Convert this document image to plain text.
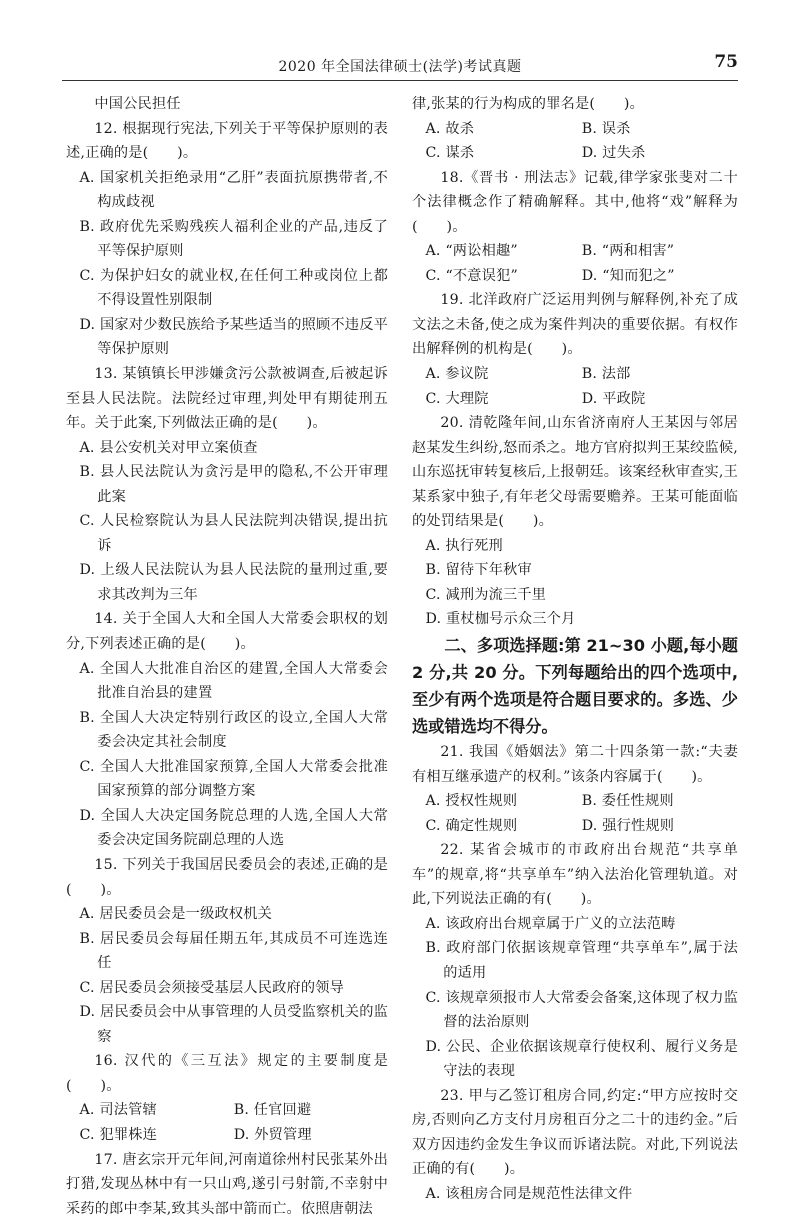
2020 年全国法律硕士(法学)考试真题	75

中国公民担任

12. 根据现行宪法,下列关于平等保护原则的表述,正确的是(　　)。

A. 国家机关拒绝录用“乙肝”表面抗原携带者,不构成歧视

B. 政府优先采购残疾人福利企业的产品,违反了平等保护原则

C. 为保护妇女的就业权,在任何工种或岗位上都不得设置性别限制

D. 国家对少数民族给予某些适当的照顾不违反平等保护原则

13. 某镇镇长甲涉嫌贪污公款被调查,后被起诉至县人民法院。法院经过审理,判处甲有期徒刑五年。关于此案,下列做法正确的是(　　)。

A. 县公安机关对甲立案侦查

B. 县人民法院认为贪污是甲的隐私,不公开审理此案

C. 人民检察院认为县人民法院判决错误,提出抗诉

D. 上级人民法院认为县人民法院的量刑过重,要求其改判为三年

14. 关于全国人大和全国人大常委会职权的划分,下列表述正确的是(　　)。

A. 全国人大批准自治区的建置,全国人大常委会批准自治县的建置

B. 全国人大决定特别行政区的设立,全国人大常委会决定其社会制度

C. 全国人大批准国家预算,全国人大常委会批准国家预算的部分调整方案

D. 全国人大决定国务院总理的人选,全国人大常委会决定国务院副总理的人选

15. 下列关于我国居民委员会的表述,正确的是(　　)。

A. 居民委员会是一级政权机关

B. 居民委员会每届任期五年,其成员不可连选连任

C. 居民委员会须接受基层人民政府的领导

D. 居民委员会中从事管理的人员受监察机关的监察

16. 汉代的《三互法》规定的主要制度是(　　)。

A. 司法管辖	B. 任官回避
C. 犯罪株连	D. 外贸管理

17. 唐玄宗开元年间,河南道徐州村民张某外出打猎,发现丛林中有一只山鸡,遂引弓射箭,不幸射中采药的郎中李某,致其头部中箭而亡。依照唐朝法

律,张某的行为构成的罪名是(　　)。

A. 故杀	B. 误杀
C. 谋杀	D. 过失杀

18.《晋书 · 刑法志》记载,律学家张斐对二十个法律概念作了精确解释。其中,他将“戏”解释为(　　)。

A. “两讼相趣”	B. “两和相害”
C. “不意误犯”	D. “知而犯之”

19. 北洋政府广泛运用判例与解释例,补充了成文法之未备,使之成为案件判决的重要依据。有权作出解释例的机构是(　　)。

A. 参议院	B. 法部
C. 大理院	D. 平政院

20. 清乾隆年间,山东省济南府人王某因与邻居赵某发生纠纷,怒而杀之。地方官府拟判王某绞监候,山东巡抚审转复核后,上报朝廷。该案经秋审查实,王某系家中独子,有年老父母需要赡养。王某可能面临的处罚结果是(　　)。

A. 执行死刑

B. 留待下年秋审

C. 减刑为流三千里

D. 重杖枷号示众三个月

二、多项选择题:第 21~30 小题,每小题 2 分,共 20 分。下列每题给出的四个选项中,至少有两个选项是符合题目要求的。多选、少选或错选均不得分。

21. 我国《婚姻法》第二十四条第一款:“夫妻有相互继承遗产的权利。”该条内容属于(　　)。

A. 授权性规则	B. 委任性规则
C. 确定性规则	D. 强行性规则

22. 某省会城市的市政府出台规范“共享单车”的规章,将“共享单车”纳入法治化管理轨道。对此,下列说法正确的有(　　)。

A. 该政府出台规章属于广义的立法范畴

B. 政府部门依据该规章管理“共享单车”,属于法的适用

C. 该规章须报市人大常委会备案,这体现了权力监督的法治原则

D. 公民、企业依据该规章行使权利、履行义务是守法的表现

23. 甲与乙签订租房合同,约定:“甲方应按时交房,否则向乙方支付月房租百分之二十的违约金。”后双方因违约金发生争议而诉诸法院。对此,下列说法正确的有(　　)。

A. 该租房合同是规范性法律文件
